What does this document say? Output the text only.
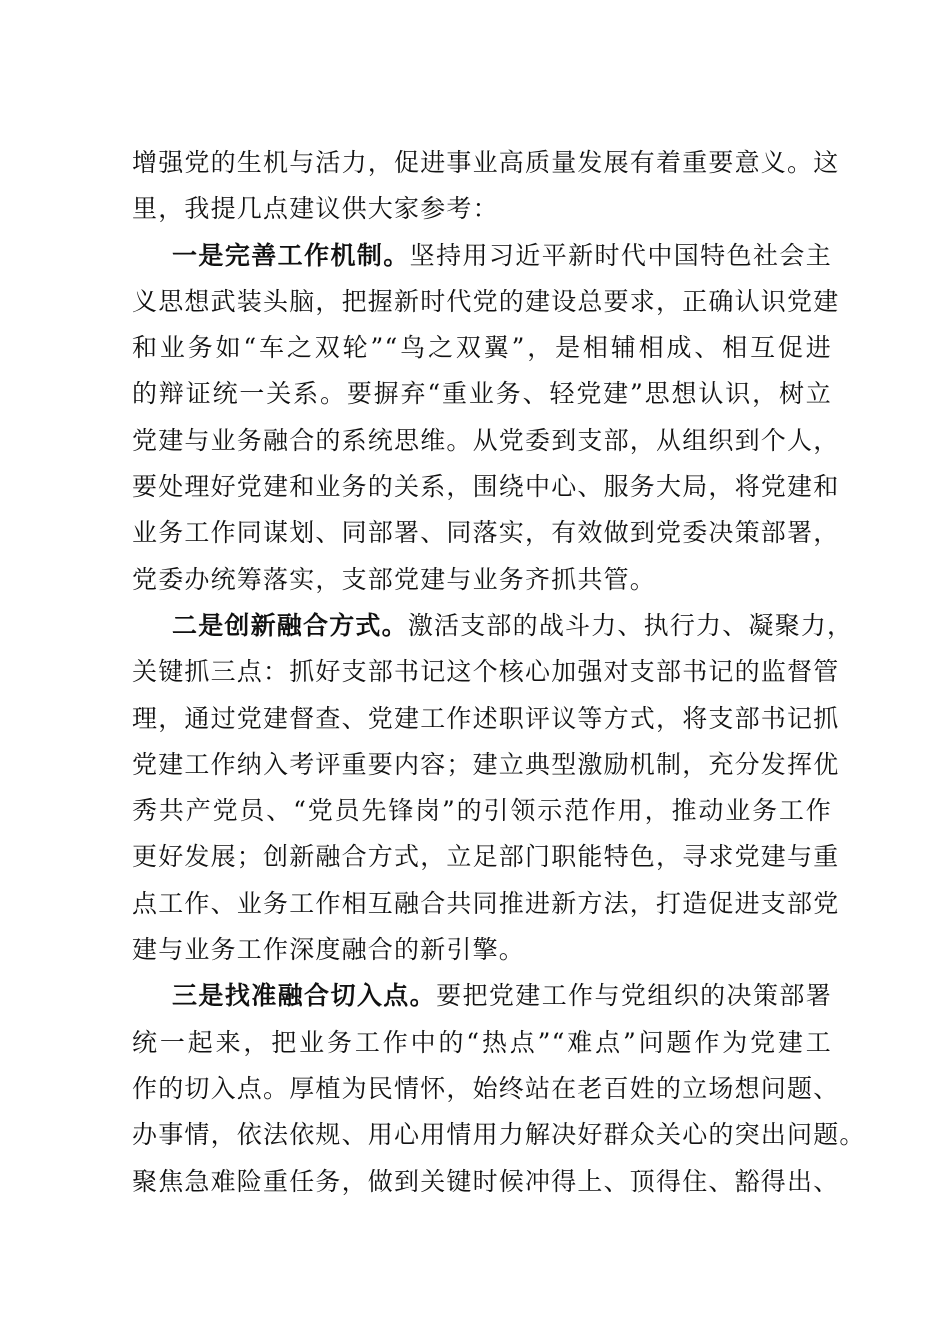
增强党的生机与活力，促进事业高质量发展有着重要意义。这
里，我提几点建议供大家参考：
一是完善工作机制。坚持用习近平新时代中国特色社会主
义思想武装头脑，把握新时代党的建设总要求，正确认识党建
和业务如“车之双轮”“鸟之双翼”，是相辅相成、相互促进
的辩证统一关系。要摒弃“重业务、轻党建”思想认识，树立
党建与业务融合的系统思维。从党委到支部，从组织到个人，
要处理好党建和业务的关系，围绕中心、服务大局，将党建和
业务工作同谋划、同部署、同落实，有效做到党委决策部署，
党委办统筹落实，支部党建与业务齐抓共管。
二是创新融合方式。激活支部的战斗力、执行力、凝聚力，
关键抓三点：抓好支部书记这个核心加强对支部书记的监督管
理，通过党建督查、党建工作述职评议等方式，将支部书记抓
党建工作纳入考评重要内容；建立典型激励机制，充分发挥优
秀共产党员、“党员先锋岗”的引领示范作用，推动业务工作
更好发展；创新融合方式，立足部门职能特色，寻求党建与重
点工作、业务工作相互融合共同推进新方法，打造促进支部党
建与业务工作深度融合的新引擎。
三是找准融合切入点。要把党建工作与党组织的决策部署
统一起来，把业务工作中的“热点”“难点”问题作为党建工
作的切入点。厚植为民情怀，始终站在老百姓的立场想问题、
办事情，依法依规、用心用情用力解决好群众关心的突出问题。
聚焦急难险重任务，做到关键时候冲得上、顶得住、豁得出、
